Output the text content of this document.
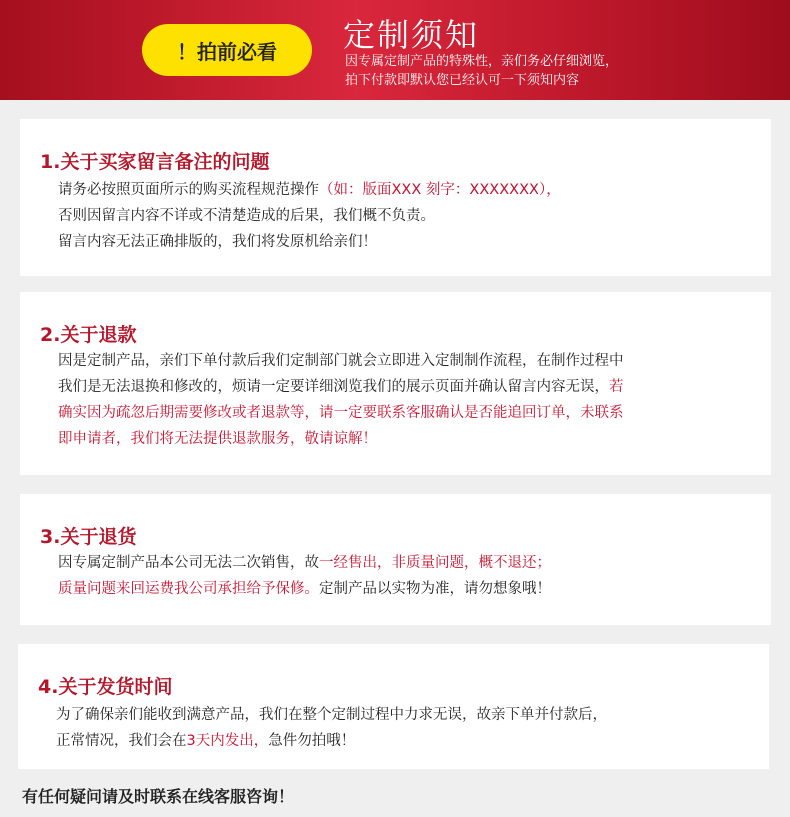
！拍前必看	定制须知
因专属定制产品的特殊性，亲们务必仔细浏览，
拍下付款即默认您已经认可一下须知内容
1.关于买家留言备注的问题
请务必按照页面所示的购买流程规范操作（如：版面XXX 刻字：XXXXXXX），
否则因留言内容不详或不清楚造成的后果，我们概不负责。
留言内容无法正确排版的，我们将发原机给亲们！
2.关于退款
因是定制产品，亲们下单付款后我们定制部门就会立即进入定制制作流程，在制作过程中
我们是无法退换和修改的，烦请一定要详细浏览我们的展示页面并确认留言内容无误，若
确实因为疏忽后期需要修改或者退款等，请一定要联系客服确认是否能追回订单，未联系
即申请者，我们将无法提供退款服务，敬请谅解！
3.关于退货
因专属定制产品本公司无法二次销售，故一经售出，非质量问题，概不退还；
质量问题来回运费我公司承担给予保修。定制产品以实物为准，请勿想象哦！
4.关于发货时间
为了确保亲们能收到满意产品，我们在整个定制过程中力求无误，故亲下单并付款后，
正常情况，我们会在3天内发出，急件勿拍哦！
有任何疑问请及时联系在线客服咨询！
